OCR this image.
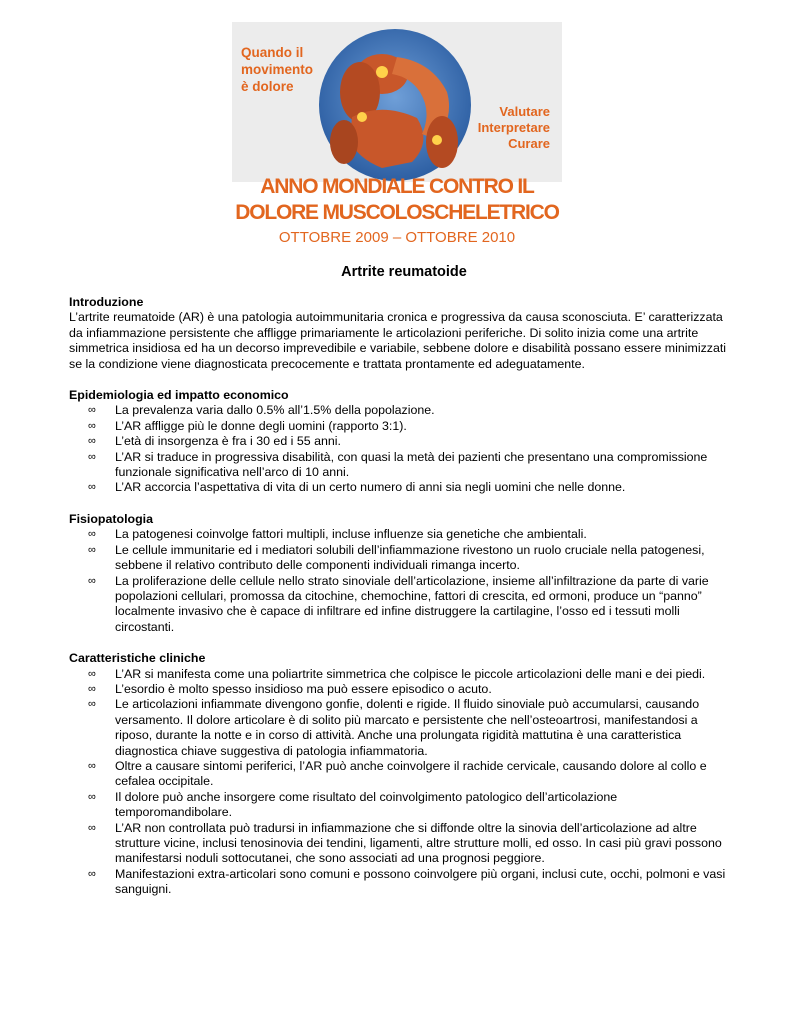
Quando il
movimento
è dolore
Valutare
Interpretare
Curare
ANNO MONDIALE CONTRO IL
DOLORE MUSCOLOSCHELETRICO
OTTOBRE 2009 – OTTOBRE 2010
Artrite reumatoide
Introduzione
L’artrite reumatoide (AR) è una patologia autoimmunitaria cronica e progressiva da causa sconosciuta. E’ caratterizzata da infiammazione persistente che affligge primariamente le articolazioni periferiche. Di solito inizia come una artrite simmetrica insidiosa ed ha un decorso imprevedibile e variabile, sebbene dolore e disabilità possano essere minimizzati se la condizione viene diagnosticata precocemente e trattata prontamente ed adeguatamente.
Epidemiologia ed impatto economico
∞ La prevalenza varia dallo 0.5% all’1.5% della popolazione.
∞ L’AR affligge più le donne degli uomini (rapporto 3:1).
∞ L’età di insorgenza è fra i 30 ed i 55 anni.
∞ L’AR si traduce in progressiva disabilità, con quasi la metà dei pazienti che presentano una compromissione funzionale significativa nell’arco di 10 anni.
∞ L’AR accorcia l’aspettativa di vita di un certo numero di anni sia negli uomini che nelle donne.
Fisiopatologia
∞ La patogenesi coinvolge fattori multipli, incluse influenze sia genetiche che ambientali.
∞ Le cellule immunitarie ed i mediatori solubili dell’infiammazione rivestono un ruolo cruciale nella patogenesi, sebbene il relativo contributo delle componenti individuali rimanga incerto.
∞ La proliferazione delle cellule nello strato sinoviale dell’articolazione, insieme all’infiltrazione da parte di varie popolazioni cellulari, promossa da citochine, chemochine, fattori di crescita, ed ormoni, produce un “panno” localmente invasivo che è capace di infiltrare ed infine distruggere la cartilagine, l’osso ed i tessuti molli circostanti.
Caratteristiche cliniche
∞ L’AR si manifesta come una poliartrite simmetrica che colpisce le piccole articolazioni delle mani e dei piedi.
∞ L’esordio è molto spesso insidioso ma può essere episodico o acuto.
∞ Le articolazioni infiammate divengono gonfie, dolenti e rigide. Il fluido sinoviale può accumularsi, causando versamento. Il dolore articolare è di solito più marcato e persistente che nell’osteoartrosi, manifestandosi a riposo, durante la notte e in corso di attività. Anche una prolungata rigidità mattutina è una caratteristica diagnostica chiave suggestiva di patologia infiammatoria.
∞ Oltre a causare sintomi periferici, l’AR può anche coinvolgere il rachide cervicale, causando dolore al collo e cefalea occipitale.
∞ Il dolore può anche insorgere come risultato del coinvolgimento patologico dell’articolazione temporomandibolare.
∞ L’AR non controllata può tradursi in infiammazione che si diffonde oltre la sinovia dell’articolazione ad altre strutture vicine, inclusi tenosinovia dei tendini, ligamenti, altre strutture molli, ed osso. In casi più gravi possono manifestarsi noduli sottocutanei, che sono associati ad una prognosi peggiore.
∞ Manifestazioni extra-articolari sono comuni e possono coinvolgere più organi, inclusi cute, occhi, polmoni e vasi sanguigni.
